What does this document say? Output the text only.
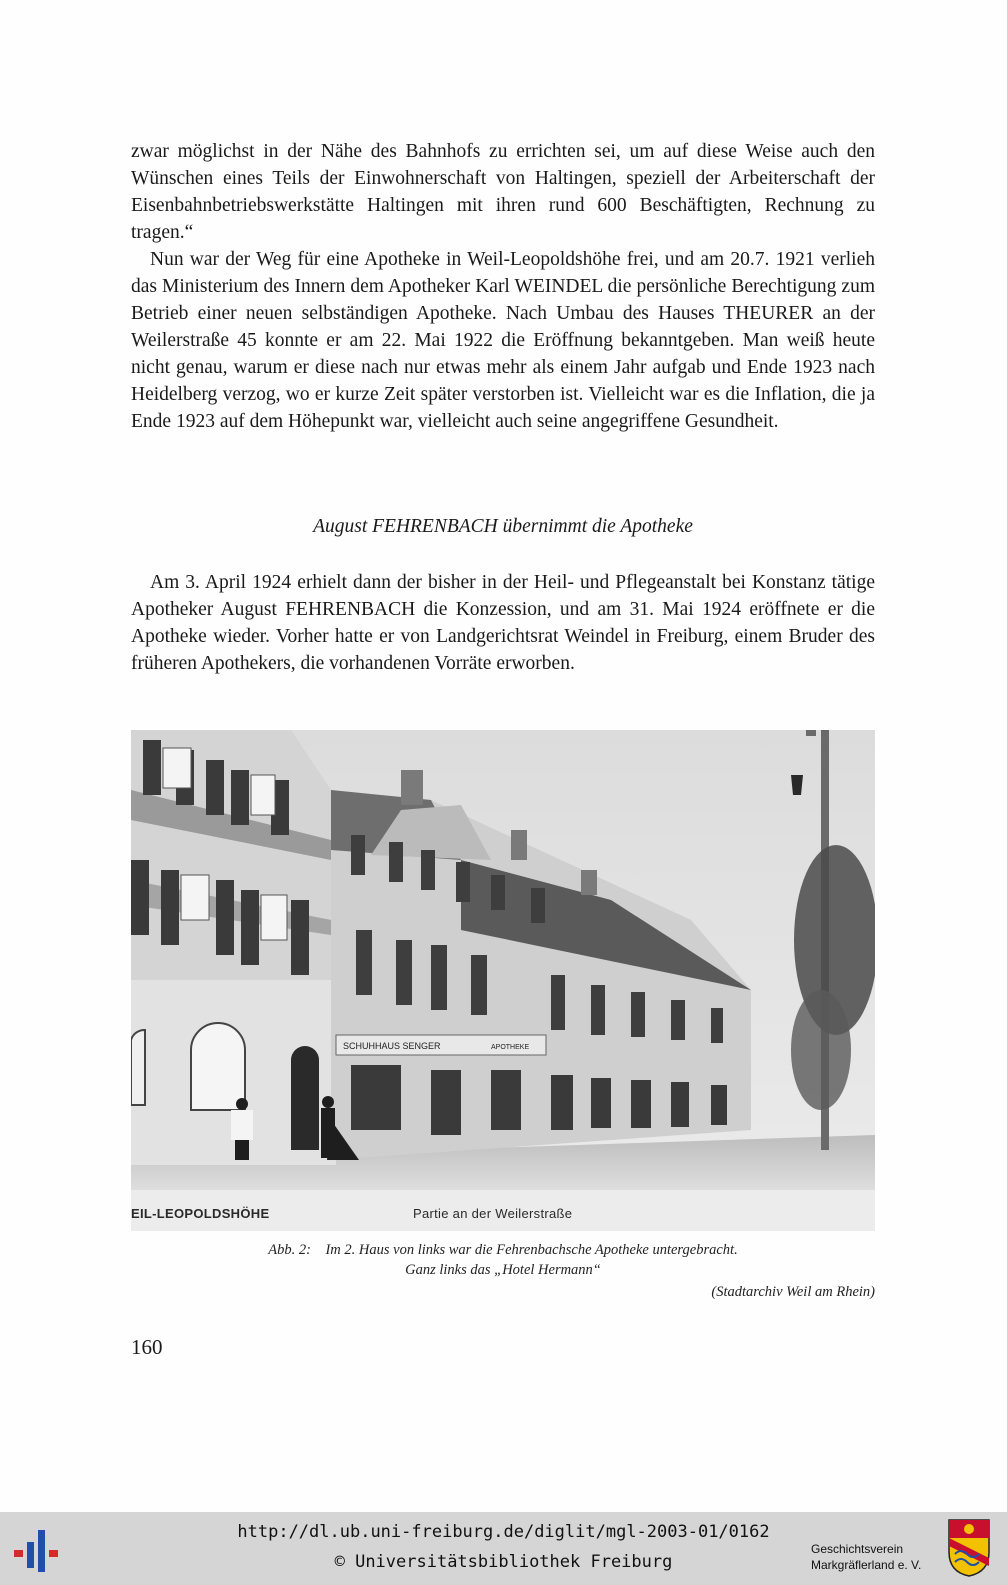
zwar möglichst in der Nähe des Bahnhofs zu errichten sei, um auf diese Weise auch den Wünschen eines Teils der Einwohnerschaft von Haltingen, speziell der Arbeiterschaft der Eisenbahnbetriebswerkstätte Haltingen mit ihren rund 600 Beschäftigten, Rechnung zu tragen.“

Nun war der Weg für eine Apotheke in Weil-Leopoldshöhe frei, und am 20.7. 1921 verlieh das Ministerium des Innern dem Apotheker Karl WEINDEL die persönliche Berechtigung zum Betrieb einer neuen selbständigen Apotheke. Nach Umbau des Hauses THEURER an der Weilerstraße 45 konnte er am 22. Mai 1922 die Eröffnung bekanntgeben. Man weiß heute nicht genau, warum er diese nach nur etwas mehr als einem Jahr aufgab und Ende 1923 nach Heidelberg verzog, wo er kurze Zeit später verstorben ist. Vielleicht war es die Inflation, die ja Ende 1923 auf dem Höhepunkt war, vielleicht auch seine angegriffene Gesundheit.

August FEHRENBACH übernimmt die Apotheke

Am 3. April 1924 erhielt dann der bisher in der Heil- und Pflegeanstalt bei Konstanz tätige Apotheker August FEHRENBACH die Konzession, und am 31. Mai 1924 eröffnete er die Apotheke wieder. Vorher hatte er von Landgerichtsrat Weindel in Freiburg, einem Bruder des früheren Apothekers, die vorhandenen Vorräte erworben.

SCHUHHAUS SENGER	APOTHEKE
EIL-LEOPOLDSHÖHE	Partie an der Weilerstraße

Abb. 2:    Im 2. Haus von links war die Fehrenbachsche Apotheke untergebracht.

Ganz links das „Hotel Hermann“

(Stadtarchiv Weil am Rhein)

160
http://dl.ub.uni-freiburg.de/diglit/mgl-2003-01/0162
© Universitätsbibliothek Freiburg
Geschichtsverein
Markgräflerland e. V.
